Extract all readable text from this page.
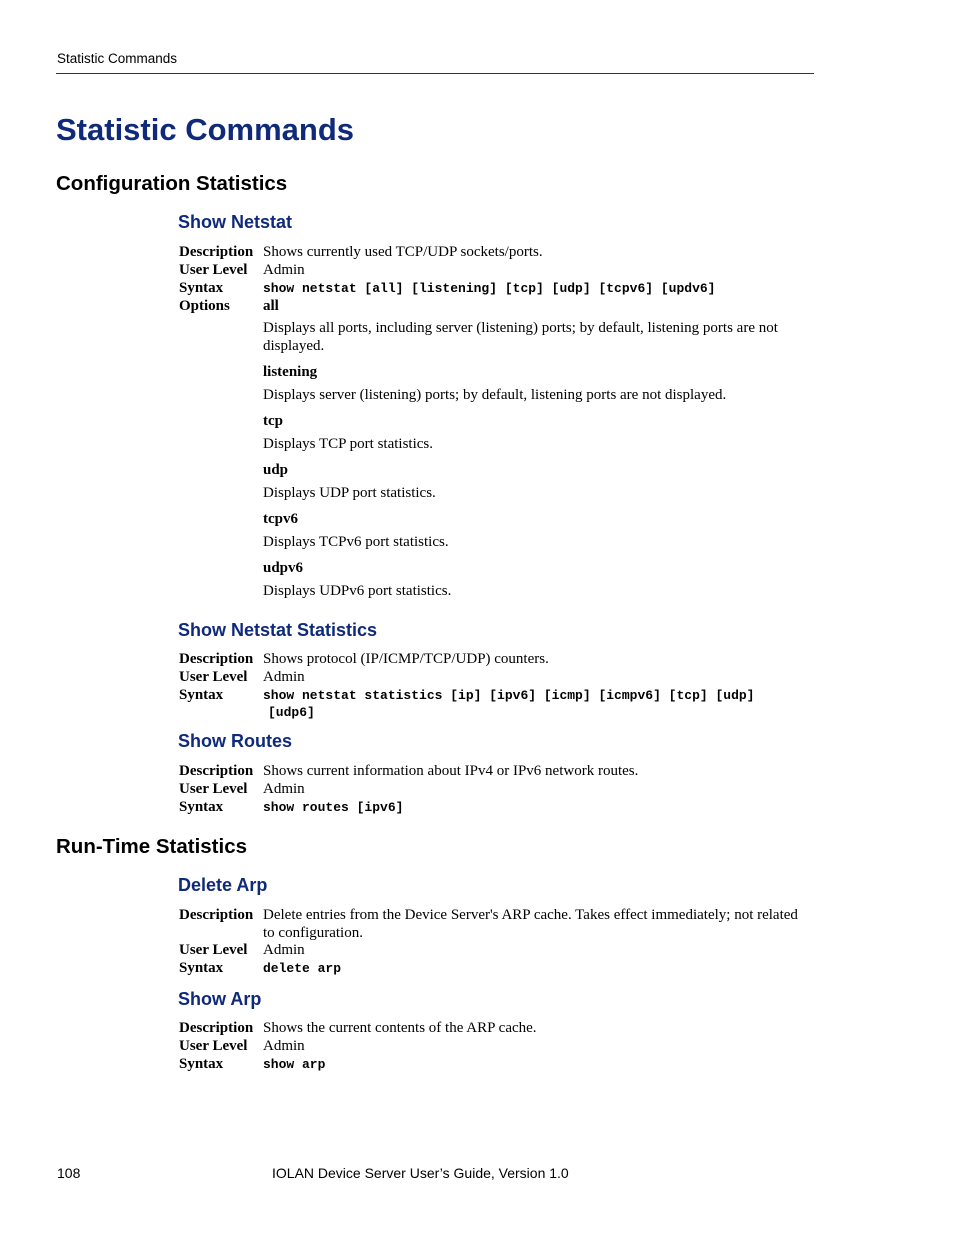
Statistic Commands
Statistic Commands
Configuration Statistics
Show Netstat
Description Shows currently used TCP/UDP sockets/ports.
User Level Admin
Syntax	show netstat [all] [listening] [tcp] [udp] [tcpv6] [updv6]
Options all
Displays all ports, including server (listening) ports; by default, listening ports are not displayed.
listening
Displays server (listening) ports; by default, listening ports are not displayed.
tcp
Displays TCP port statistics.
udp
Displays UDP port statistics.
tcpv6
Displays TCPv6 port statistics.
udpv6
Displays UDPv6 port statistics.
Show Netstat Statistics
Description Shows protocol (IP/ICMP/TCP/UDP) counters.
User Level Admin
Syntax	show netstat statistics [ip] [ipv6] [icmp] [icmpv6] [tcp] [udp]
[udp6]
Show Routes
Description Shows current information about IPv4 or IPv6 network routes.
User Level Admin
Syntax	show routes [ipv6]
Run-Time Statistics
Delete Arp
Description Delete entries from the Device Server's ARP cache. Takes effect immediately; not related to configuration.
User Level Admin
Syntax	delete arp
Show Arp
Description Shows the current contents of the ARP cache.
User Level Admin
Syntax	show arp
108	IOLAN Device Server User’s Guide, Version 1.0
